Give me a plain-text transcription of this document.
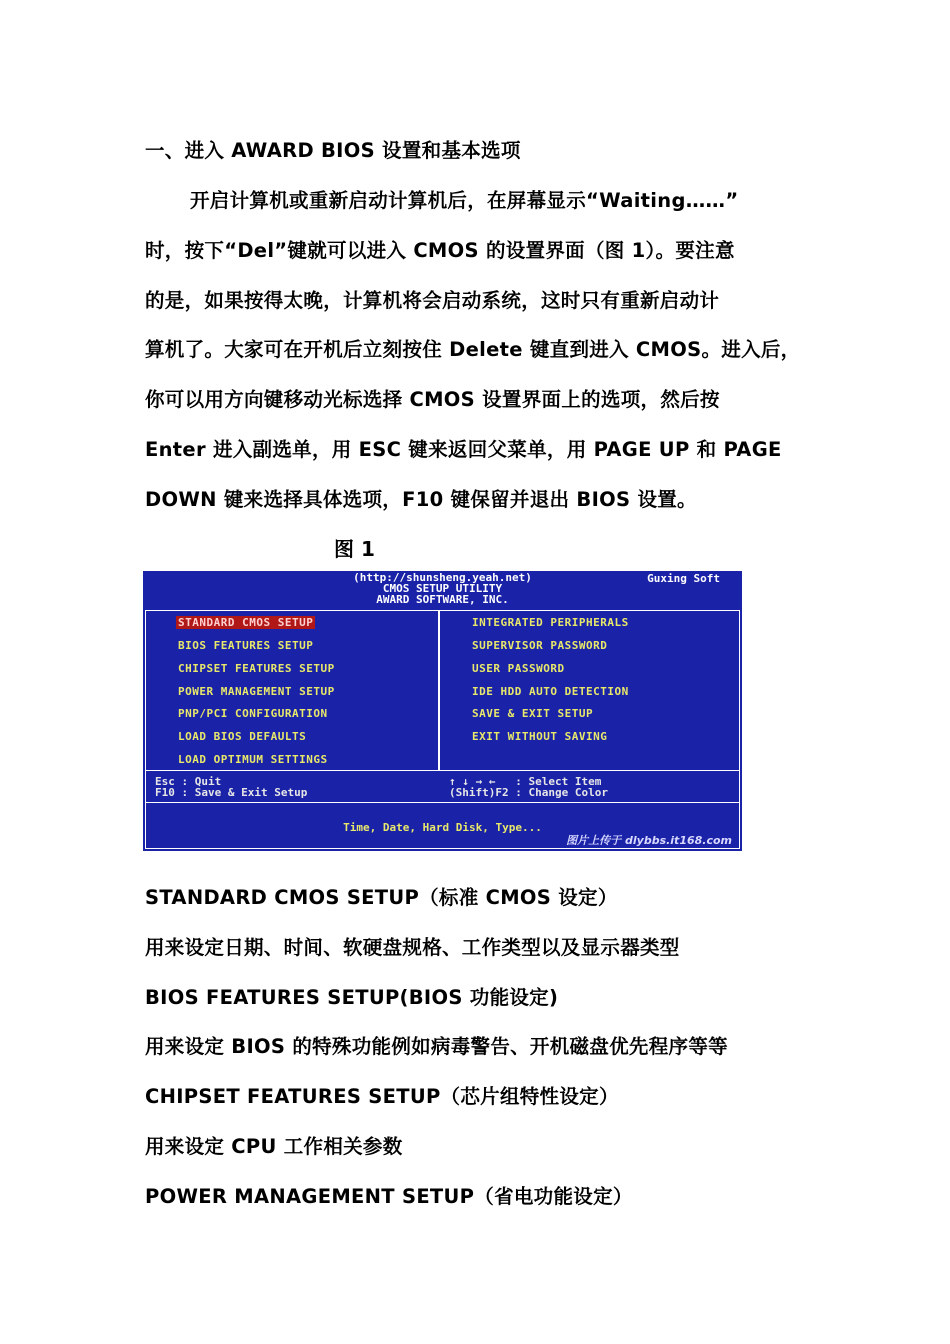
一、进入 AWARD BIOS 设置和基本选项
开启计算机或重新启动计算机后，在屏幕显示“Waiting……”
时，按下“Del”键就可以进入 CMOS 的设置界面（图 1）。要注意
的是，如果按得太晚，计算机将会启动系统，这时只有重新启动计
算机了。大家可在开机后立刻按住 Delete 键直到进入 CMOS。进入后，
你可以用方向键移动光标选择 CMOS 设置界面上的选项，然后按
Enter 进入副选单，用 ESC 键来返回父菜单，用 PAGE UP 和 PAGE
DOWN 键来选择具体选项，F10 键保留并退出 BIOS 设置。
图 1
(http://shunsheng.yeah.net)
CMOS SETUP UTILITY
AWARD SOFTWARE, INC.
Guxing Soft
STANDARD CMOS SETUP
BIOS FEATURES SETUP
CHIPSET FEATURES SETUP
POWER MANAGEMENT SETUP
PNP/PCI CONFIGURATION
LOAD BIOS DEFAULTS
LOAD OPTIMUM SETTINGS
INTEGRATED PERIPHERALS
SUPERVISOR PASSWORD
USER PASSWORD
IDE HDD AUTO DETECTION
SAVE & EXIT SETUP
EXIT WITHOUT SAVING
Esc : Quit
F10 : Save & Exit Setup
↑ ↓ → ←   : Select Item
(Shift)F2 : Change Color
Time, Date, Hard Disk, Type...
图片上传于 dlybbs.it168.com
STANDARD CMOS SETUP（标准 CMOS 设定）
用来设定日期、时间、软硬盘规格、工作类型以及显示器类型
BIOS FEATURES SETUP(BIOS 功能设定)
用来设定 BIOS 的特殊功能例如病毒警告、开机磁盘优先程序等等
CHIPSET FEATURES SETUP（芯片组特性设定）
用来设定 CPU 工作相关参数
POWER MANAGEMENT SETUP（省电功能设定）
